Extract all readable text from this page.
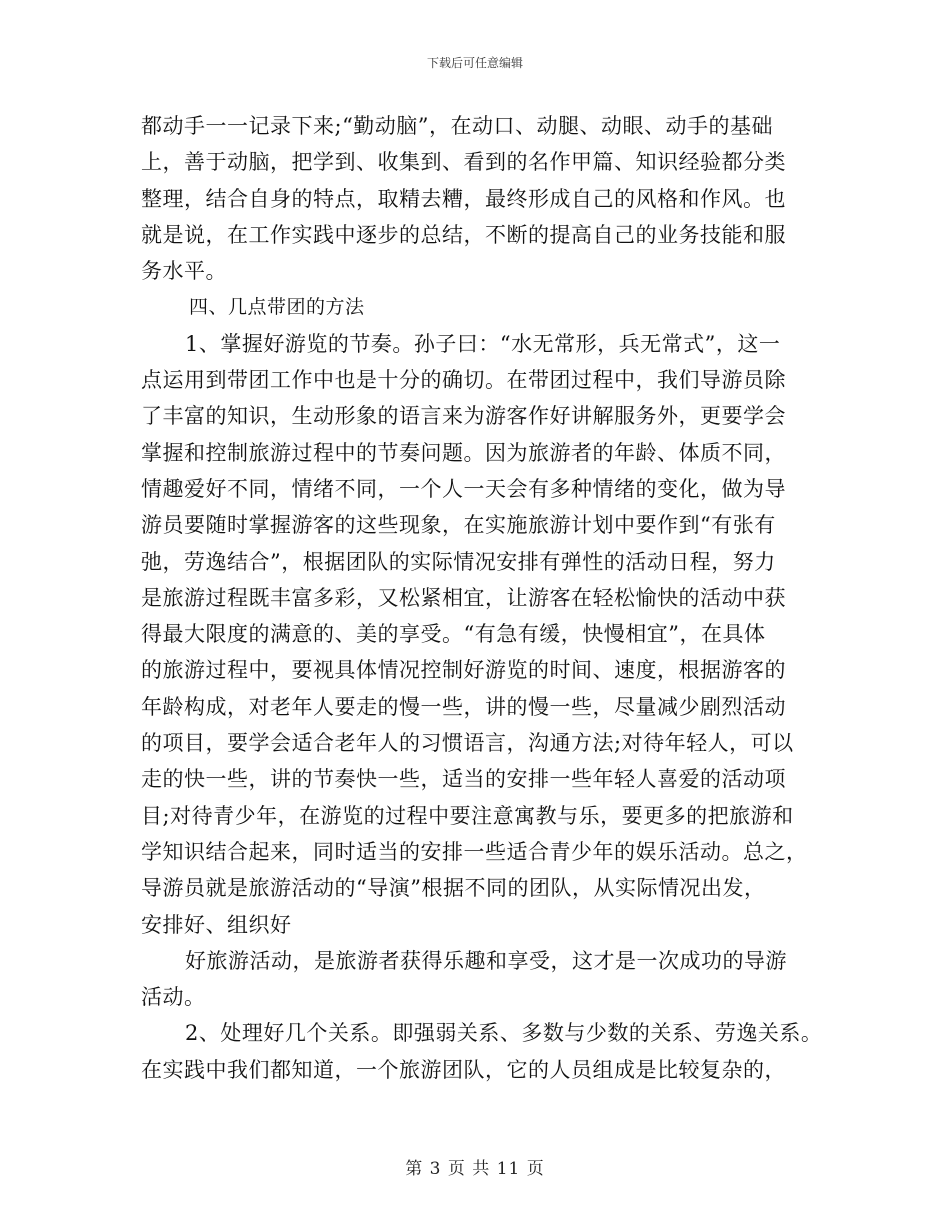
下载后可任意编辑
都动手一一记录下来;“勤动脑”，在动口、动腿、动眼、动手的基础
上，善于动脑，把学到、收集到、看到的名作甲篇、知识经验都分类
整理，结合自身的特点，取精去糟，最终形成自己的风格和作风。也
就是说，在工作实践中逐步的总结，不断的提高自己的业务技能和服
务水平。
四、几点带团的方法
1、掌握好游览的节奏。孙子曰：“水无常形，兵无常式”，这一
点运用到带团工作中也是十分的确切。在带团过程中，我们导游员除
了丰富的知识，生动形象的语言来为游客作好讲解服务外，更要学会
掌握和控制旅游过程中的节奏问题。因为旅游者的年龄、体质不同，
情趣爱好不同，情绪不同，一个人一天会有多种情绪的变化，做为导
游员要随时掌握游客的这些现象，在实施旅游计划中要作到“有张有
弛，劳逸结合”，根据团队的实际情况安排有弹性的活动日程，努力
是旅游过程既丰富多彩，又松紧相宜，让游客在轻松愉快的活动中获
得最大限度的满意的、美的享受。“有急有缓，快慢相宜”，在具体
的旅游过程中，要视具体情况控制好游览的时间、速度，根据游客的
年龄构成，对老年人要走的慢一些，讲的慢一些，尽量减少剧烈活动
的项目，要学会适合老年人的习惯语言，沟通方法;对待年轻人，可以
走的快一些，讲的节奏快一些，适当的安排一些年轻人喜爱的活动项
目;对待青少年，在游览的过程中要注意寓教与乐，要更多的把旅游和
学知识结合起来，同时适当的安排一些适合青少年的娱乐活动。总之，
导游员就是旅游活动的“导演”根据不同的团队，从实际情况出发，
安排好、组织好
好旅游活动，是旅游者获得乐趣和享受，这才是一次成功的导游
活动。
2、处理好几个关系。即强弱关系、多数与少数的关系、劳逸关系。
在实践中我们都知道，一个旅游团队，它的人员组成是比较复杂的，
第 3 页 共 11 页
